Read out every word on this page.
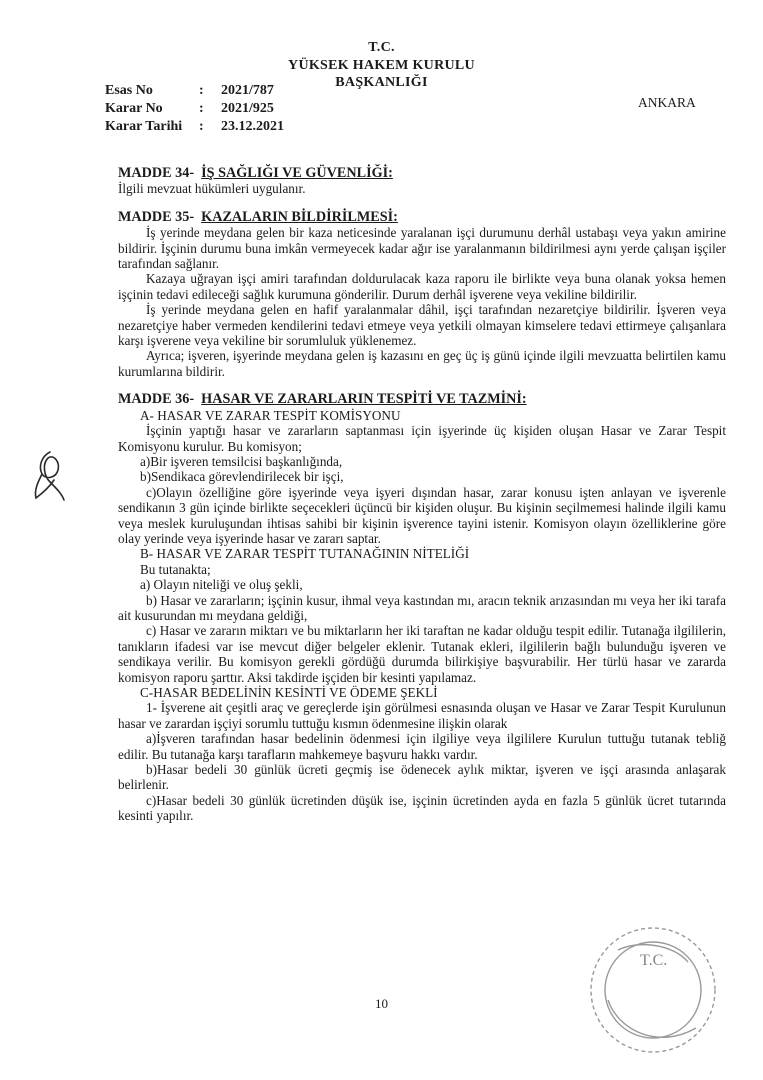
T.C.
YÜKSEK HAKEM KURULU
BAŞKANLIĞI
Esas No	:	2021/787
Karar No	:	2021/925
Karar Tarihi	:	23.12.2021
ANKARA

MADDE 34- İŞ SAĞLIĞI VE GÜVENLİĞİ:

İlgili mevzuat hükümleri uygulanır.

MADDE 35- KAZALARIN BİLDİRİLMESİ:

İş yerinde meydana gelen bir kaza neticesinde yaralanan işçi durumunu derhâl ustabaşı veya yakın amirine bildirir. İşçinin durumu buna imkân vermeyecek kadar ağır ise yaralanmanın bildirilmesi aynı yerde çalışan işçiler tarafından sağlanır.

Kazaya uğrayan işçi amiri tarafından doldurulacak kaza raporu ile birlikte veya buna olanak yoksa hemen işçinin tedavi edileceği sağlık kurumuna gönderilir. Durum derhâl işverene veya vekiline bildirilir.

İş yerinde meydana gelen en hafif yaralanmalar dâhil, işçi tarafından nezaretçiye bildirilir. İşveren veya nezaretçiye haber vermeden kendilerini tedavi etmeye veya yetkili olmayan kimselere tedavi ettirmeye çalışanlara karşı işverene veya vekiline bir sorumluluk yüklenemez.

Ayrıca; işveren, işyerinde meydana gelen iş kazasını en geç üç iş günü içinde ilgili mevzuatta belirtilen kamu kurumlarına bildirir.

MADDE 36- HASAR VE ZARARLARIN TESPİTİ VE TAZMİNİ:

A- HASAR VE ZARAR TESPİT KOMİSYONU

İşçinin yaptığı hasar ve zararların saptanması için işyerinde üç kişiden oluşan Hasar ve Zarar Tespit Komisyonu kurulur. Bu komisyon;

a)Bir işveren temsilcisi başkanlığında,

b)Sendikaca görevlendirilecek bir işçi,

c)Olayın özelliğine göre işyerinde veya işyeri dışından hasar, zarar konusu işten anlayan ve işverenle sendikanın 3 gün içinde birlikte seçecekleri üçüncü bir kişiden oluşur. Bu kişinin seçilmemesi halinde ilgili kamu veya meslek kuruluşundan ihtisas sahibi bir kişinin işverence tayini istenir. Komisyon olayın özelliklerine göre olay yerinde veya işyerinde hasar ve zararı saptar.

B- HASAR VE ZARAR TESPİT TUTANAĞININ NİTELİĞİ

Bu tutanakta;

a) Olayın niteliği ve oluş şekli,

b) Hasar ve zararların; işçinin kusur, ihmal veya kastından mı, aracın teknik arızasından mı veya her iki tarafa ait kusurundan mı meydana geldiği,

c) Hasar ve zararın miktarı ve bu miktarların her iki taraftan ne kadar olduğu tespit edilir. Tutanağa ilgililerin, tanıkların ifadesi var ise mevcut diğer belgeler eklenir. Tutanak ekleri, ilgililerin bağlı bulunduğu işveren ve sendikaya verilir. Bu komisyon gerekli gördüğü durumda bilirkişiye başvurabilir. Her türlü hasar ve zararda komisyon raporu şarttır. Aksi takdirde işçiden bir kesinti yapılamaz.

C-HASAR BEDELİNİN KESİNTİ VE ÖDEME ŞEKLİ

1- İşverene ait çeşitli araç ve gereçlerde işin görülmesi esnasında oluşan ve Hasar ve Zarar Tespit Kurulunun hasar ve zarardan işçiyi sorumlu tuttuğu kısmın ödenmesine ilişkin olarak

a)İşveren tarafından hasar bedelinin ödenmesi için ilgiliye veya ilgililere Kurulun tuttuğu tutanak tebliğ edilir. Bu tutanağa karşı tarafların mahkemeye başvuru hakkı vardır.

b)Hasar bedeli 30 günlük ücreti geçmiş ise ödenecek aylık miktar, işveren ve işçi arasında anlaşarak belirlenir.

c)Hasar bedeli 30 günlük ücretinden düşük ise, işçinin ücretinden ayda en fazla 5 günlük ücret tutarında kesinti yapılır.

10
T.C.
